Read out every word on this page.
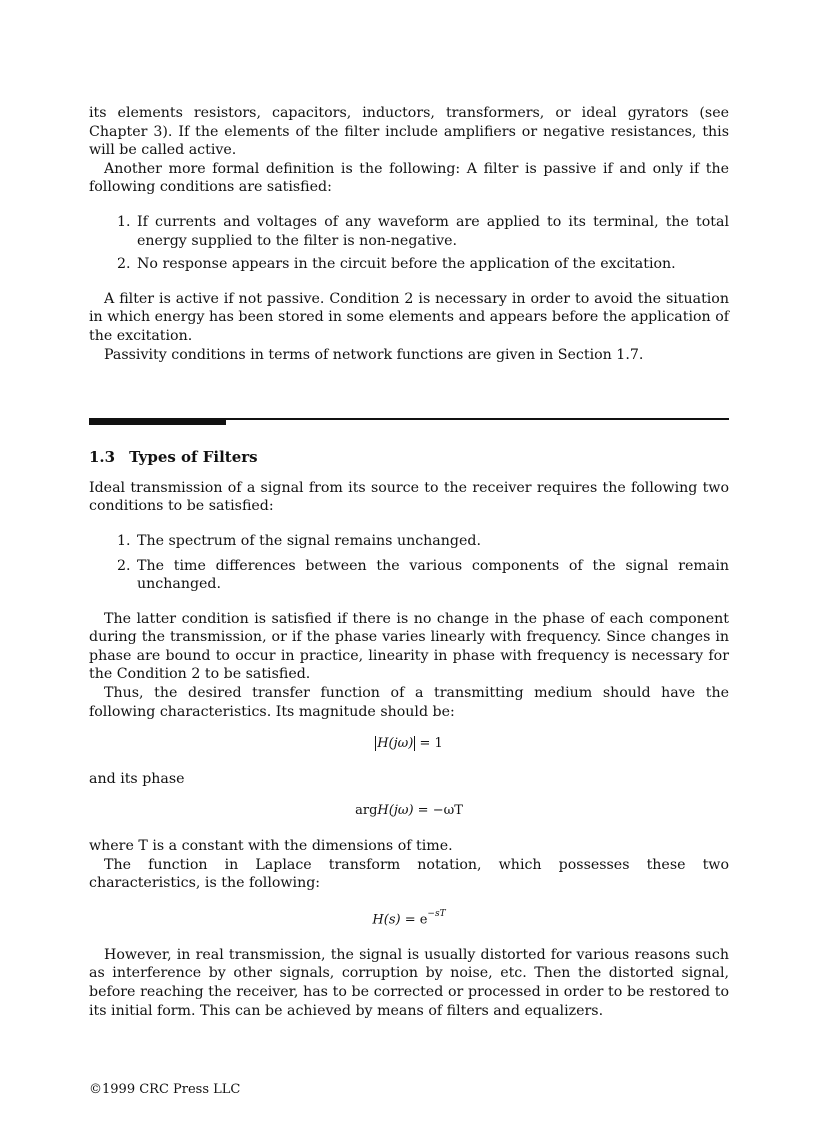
its elements resistors, capacitors, inductors, transformers, or ideal gyrators (see Chapter 3). If the elements of the filter include amplifiers or negative resistances, this will be called active.

Another more formal definition is the following: A filter is passive if and only if the following conditions are satisfied:

1. If currents and voltages of any waveform are applied to its terminal, the total energy supplied to the filter is non-negative.
2. No response appears in the circuit before the application of the excitation.

A filter is active if not passive. Condition 2 is necessary in order to avoid the situation in which energy has been stored in some elements and appears before the application of the excitation.

Passivity conditions in terms of network functions are given in Section 1.7.

1.3 Types of Filters

Ideal transmission of a signal from its source to the receiver requires the following two conditions to be satisfied:

1. The spectrum of the signal remains unchanged.
2. The time differences between the various components of the signal remain unchanged.

The latter condition is satisfied if there is no change in the phase of each component during the transmission, or if the phase varies linearly with frequency. Since changes in phase are bound to occur in practice, linearity in phase with frequency is necessary for the Condition 2 to be satisfied.

Thus, the desired transfer function of a transmitting medium should have the following characteristics. Its magnitude should be:

H(jω) = 1

and its phase

argH(jω) = −ωT

where T is a constant with the dimensions of time.

The function in Laplace transform notation, which possesses these two characteristics, is the following:

$H(s) = e^{-sT}$

However, in real transmission, the signal is usually distorted for various reasons such as interference by other signals, corruption by noise, etc. Then the distorted signal, before reaching the receiver, has to be corrected or processed in order to be restored to its initial form. This can be achieved by means of filters and equalizers.

©1999 CRC Press LLC
